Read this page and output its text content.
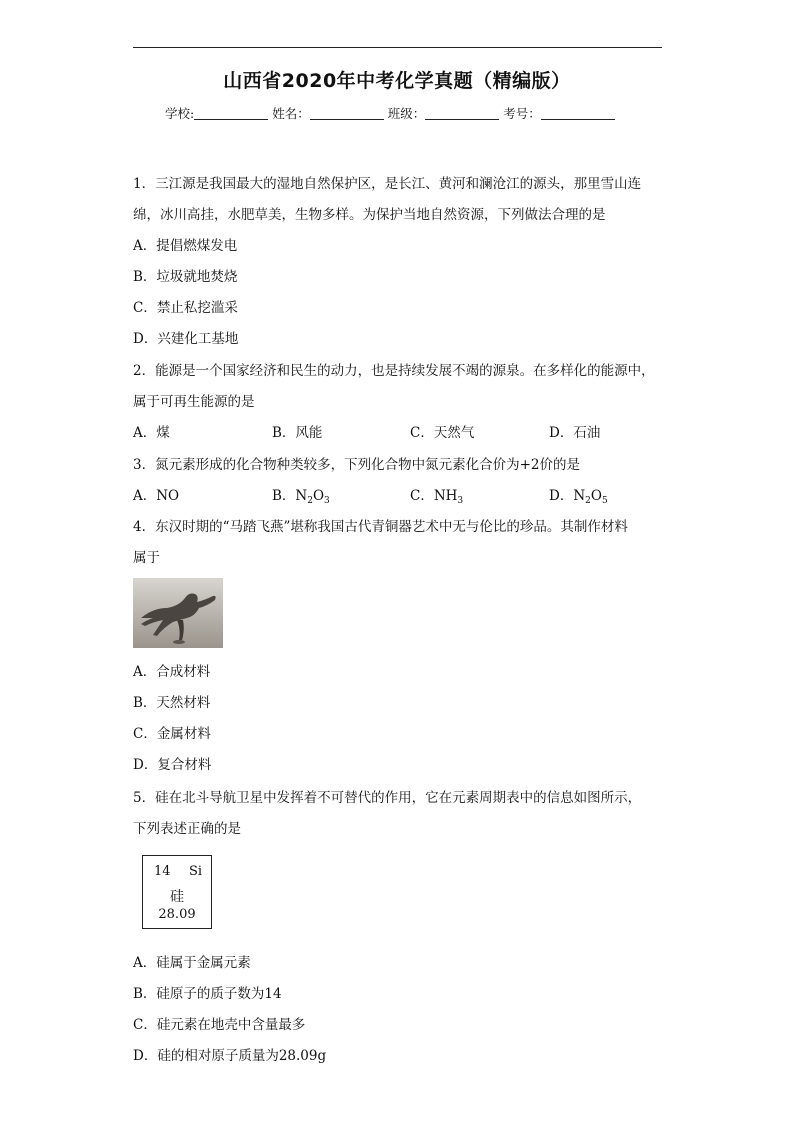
山西省2020年中考化学真题（精编版）
学校:	姓名：	班级：	考号：
1．三江源是我国最大的湿地自然保护区，是长江、黄河和澜沧江的源头，那里雪山连
绵，冰川高挂，水肥草美，生物多样。为保护当地自然资源，下列做法合理的是
A．提倡燃煤发电
B．垃圾就地焚烧
C．禁止私挖滥采
D．兴建化工基地
2．能源是一个国家经济和民生的动力，也是持续发展不竭的源泉。在多样化的能源中，
属于可再生能源的是
A．煤	B．风能	C．天然气	D．石油
3．氮元素形成的化合物种类较多，下列化合物中氮元素化合价为+2价的是
A．NO	B．$N_2O_3$	C．$NH_3$	D．$N_2O_5$
4．东汉时期的“马踏飞燕”堪称我国古代青铜器艺术中无与伦比的珍品。其制作材料
属于
A．合成材料
B．天然材料
C．金属材料
D．复合材料
5．硅在北斗导航卫星中发挥着不可替代的作用，它在元素周期表中的信息如图所示，
下列表述正确的是
14 Si
硅
28.09
A．硅属于金属元素
B．硅原子的质子数为14
C．硅元素在地壳中含量最多
D．硅的相对原子质量为28.09g
